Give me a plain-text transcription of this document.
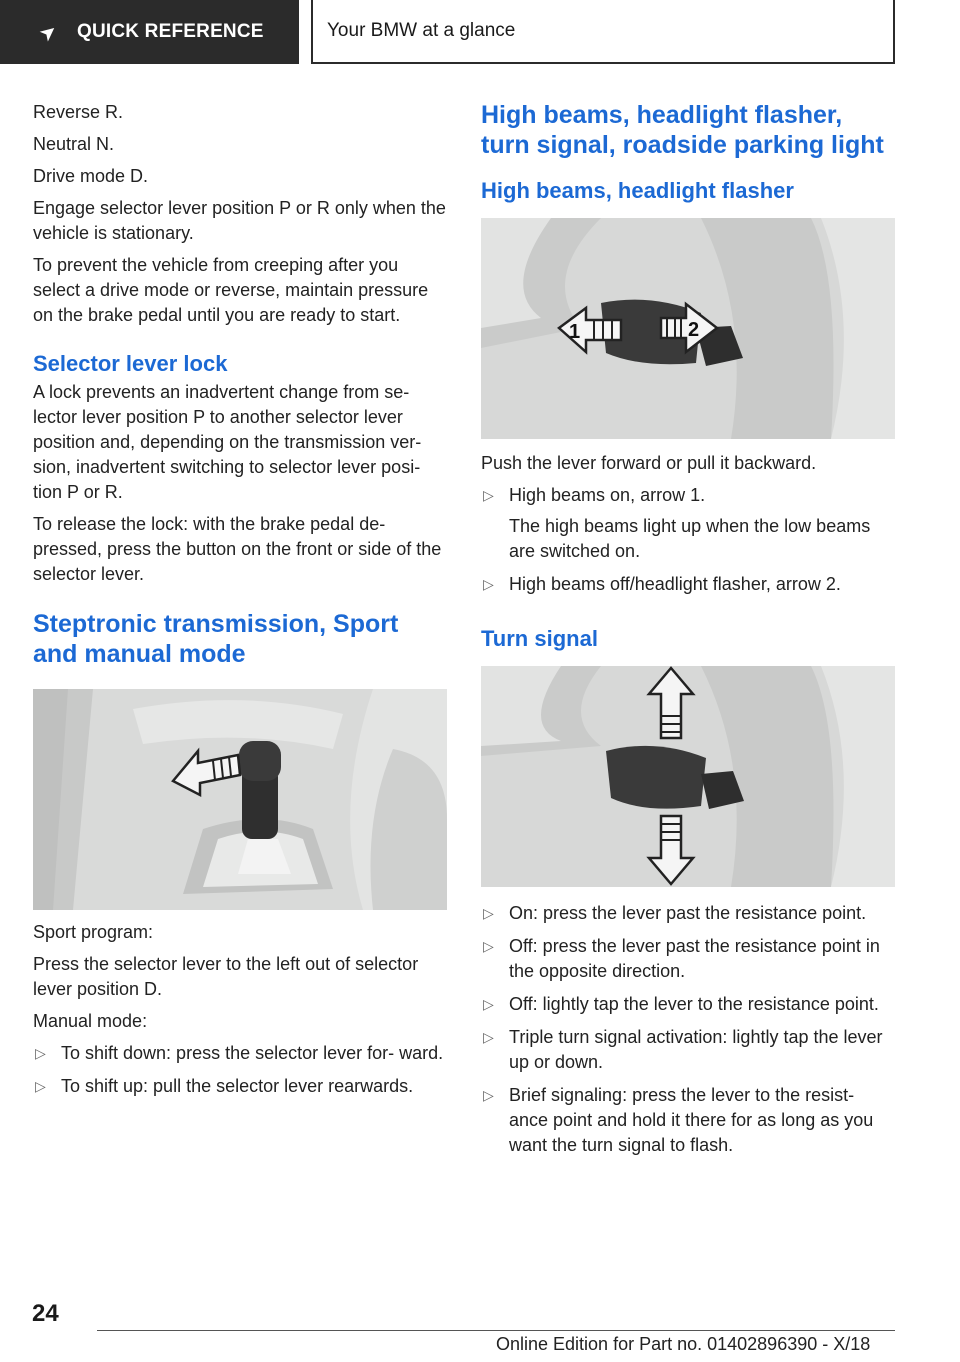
➤ QUICK REFERENCE	Your BMW at a glance

Reverse R.

Neutral N.

Drive mode D.

Engage selector lever position P or R only when the vehicle is stationary.

To prevent the vehicle from creeping after you select a drive mode or reverse, maintain pressure on the brake pedal until you are ready to start.

Selector lever lock

A lock prevents an inadvertent change from se‐ lector lever position P to another selector lever position and, depending on the transmission ver‐ sion, inadvertent switching to selector lever posi‐ tion P or R.

To release the lock: with the brake pedal de‐ pressed, press the button on the front or side of the selector lever.

Steptronic transmission, Sport and manual mode

Sport program:

Press the selector lever to the left out of selector lever position D.

Manual mode:

▷ To shift down: press the selector lever for‐ ward.
▷ To shift up: pull the selector lever rearwards.
High beams, headlight flasher, turn signal, roadside parking light
High beams, headlight flasher
1	2

Push the lever forward or pull it backward.

▷ High beams on, arrow 1.
The high beams light up when the low beams are switched on.
▷ High beams off/headlight flasher, arrow 2.
Turn signal
▷ On: press the lever past the resistance point.
▷ Off: press the lever past the resistance point in the opposite direction.
▷ Off: lightly tap the lever to the resistance point.
▷ Triple turn signal activation: lightly tap the lever up or down.
▷ Brief signaling: press the lever to the resist‐ ance point and hold it there for as long as you want the turn signal to flash.
24
Online Edition for Part no. 01402896390 - X/18
